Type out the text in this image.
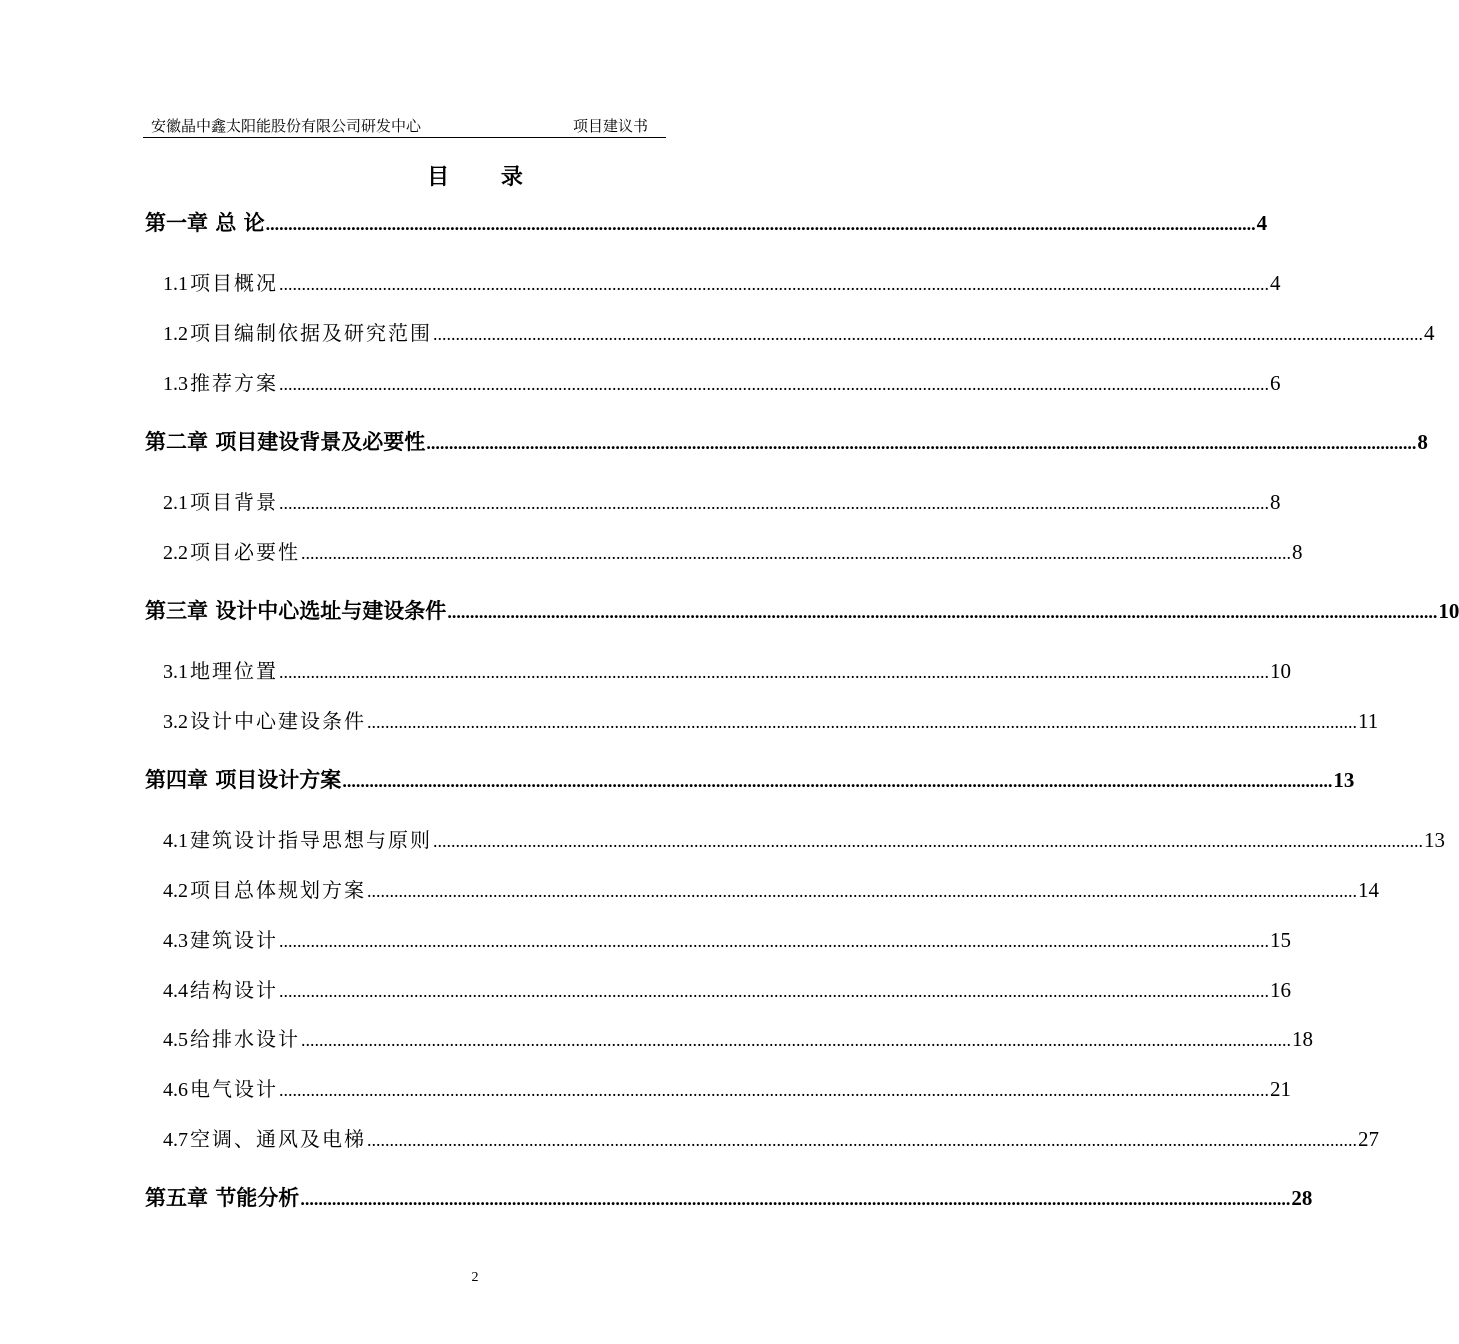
安徽晶中鑫太阳能股份有限公司研发中心	项目建议书
目 录
第一章 总 论 ............................................................................................................................................................................................................................ 4
1.1 项目概况 ............................................................................................................................................................................................................................ 4
1.2 项目编制依据及研究范围 ............................................................................................................................................................................................................................ 4
1.3 推荐方案 ............................................................................................................................................................................................................................ 6
第二章 项目建设背景及必要性 ............................................................................................................................................................................................................................ 8
2.1 项目背景 ............................................................................................................................................................................................................................ 8
2.2 项目必要性 ............................................................................................................................................................................................................................ 8
第三章 设计中心选址与建设条件 ............................................................................................................................................................................................................................ 10
3.1 地理位置 ............................................................................................................................................................................................................................ 10
3.2 设计中心建设条件 ............................................................................................................................................................................................................................ 11
第四章 项目设计方案 ............................................................................................................................................................................................................................ 13
4.1 建筑设计指导思想与原则 ............................................................................................................................................................................................................................ 13
4.2 项目总体规划方案 ............................................................................................................................................................................................................................ 14
4.3 建筑设计 ............................................................................................................................................................................................................................ 15
4.4 结构设计 ............................................................................................................................................................................................................................ 16
4.5 给排水设计 ............................................................................................................................................................................................................................ 18
4.6 电气设计 ............................................................................................................................................................................................................................ 21
4.7 空调、通风及电梯 ............................................................................................................................................................................................................................ 27
第五章 节能分析 ............................................................................................................................................................................................................................ 28
2
